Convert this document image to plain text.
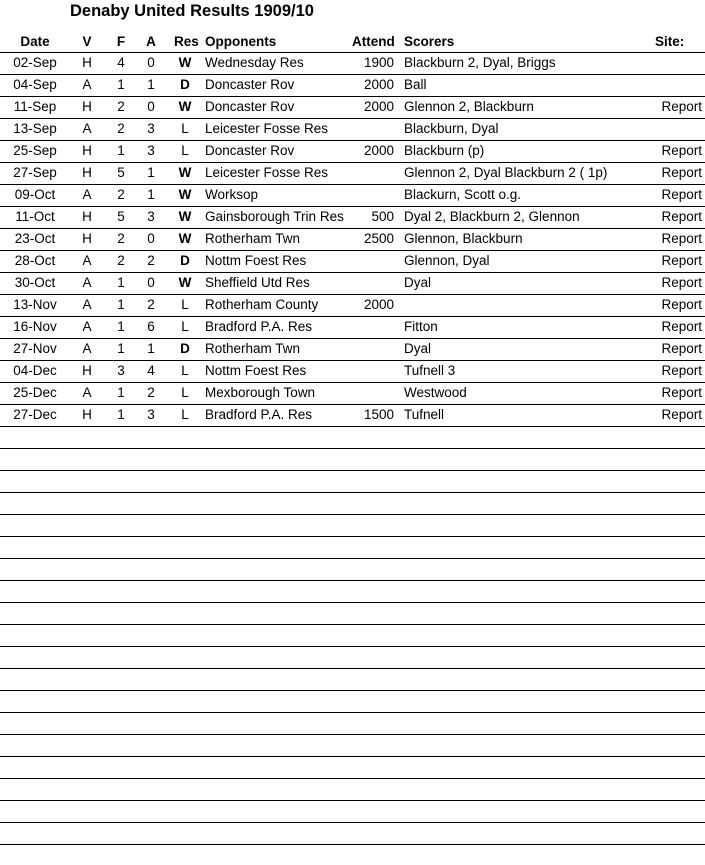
Denaby United Results 1909/10
Date	V	F	A	Res Opponents	Attend Scorers	Site:
02-Sep	H	4	0	W	Wednesday Res	1900 Blackburn 2, Dyal, Briggs
04-Sep	A	1	1	D	Doncaster Rov	2000 Ball
11-Sep	H	2	0	W	Doncaster Rov	2000 Glennon 2, Blackburn	Report
13-Sep	A	2	3	L	Leicester Fosse Res	Blackburn, Dyal
25-Sep	H	1	3	L	Doncaster Rov	2000 Blackburn (p)	Report
27-Sep	H	5	1	W	Leicester Fosse Res	Glennon 2, Dyal Blackburn 2 ( 1p)	Report
09-Oct	A	2	1	W	Worksop	Blackurn, Scott o.g.	Report
11-Oct	H	5	3	W	Gainsborough Trin Res	500 Dyal 2, Blackburn 2, Glennon	Report
23-Oct	H	2	0	W	Rotherham Twn	2500 Glennon, Blackburn	Report
28-Oct	A	2	2	D	Nottm Foest Res	Glennon, Dyal	Report
30-Oct	A	1	0	W	Sheffield Utd Res	Dyal	Report
13-Nov	A	1	2	L	Rotherham County	2000	Report
16-Nov	A	1	6	L	Bradford P.A. Res	Fitton	Report
27-Nov	A	1	1	D	Rotherham Twn	Dyal	Report
04-Dec	H	3	4	L	Nottm Foest Res	Tufnell 3	Report
25-Dec	A	1	2	L	Mexborough Town	Westwood	Report
27-Dec	H	1	3	L	Bradford P.A. Res	1500 Tufnell	Report
